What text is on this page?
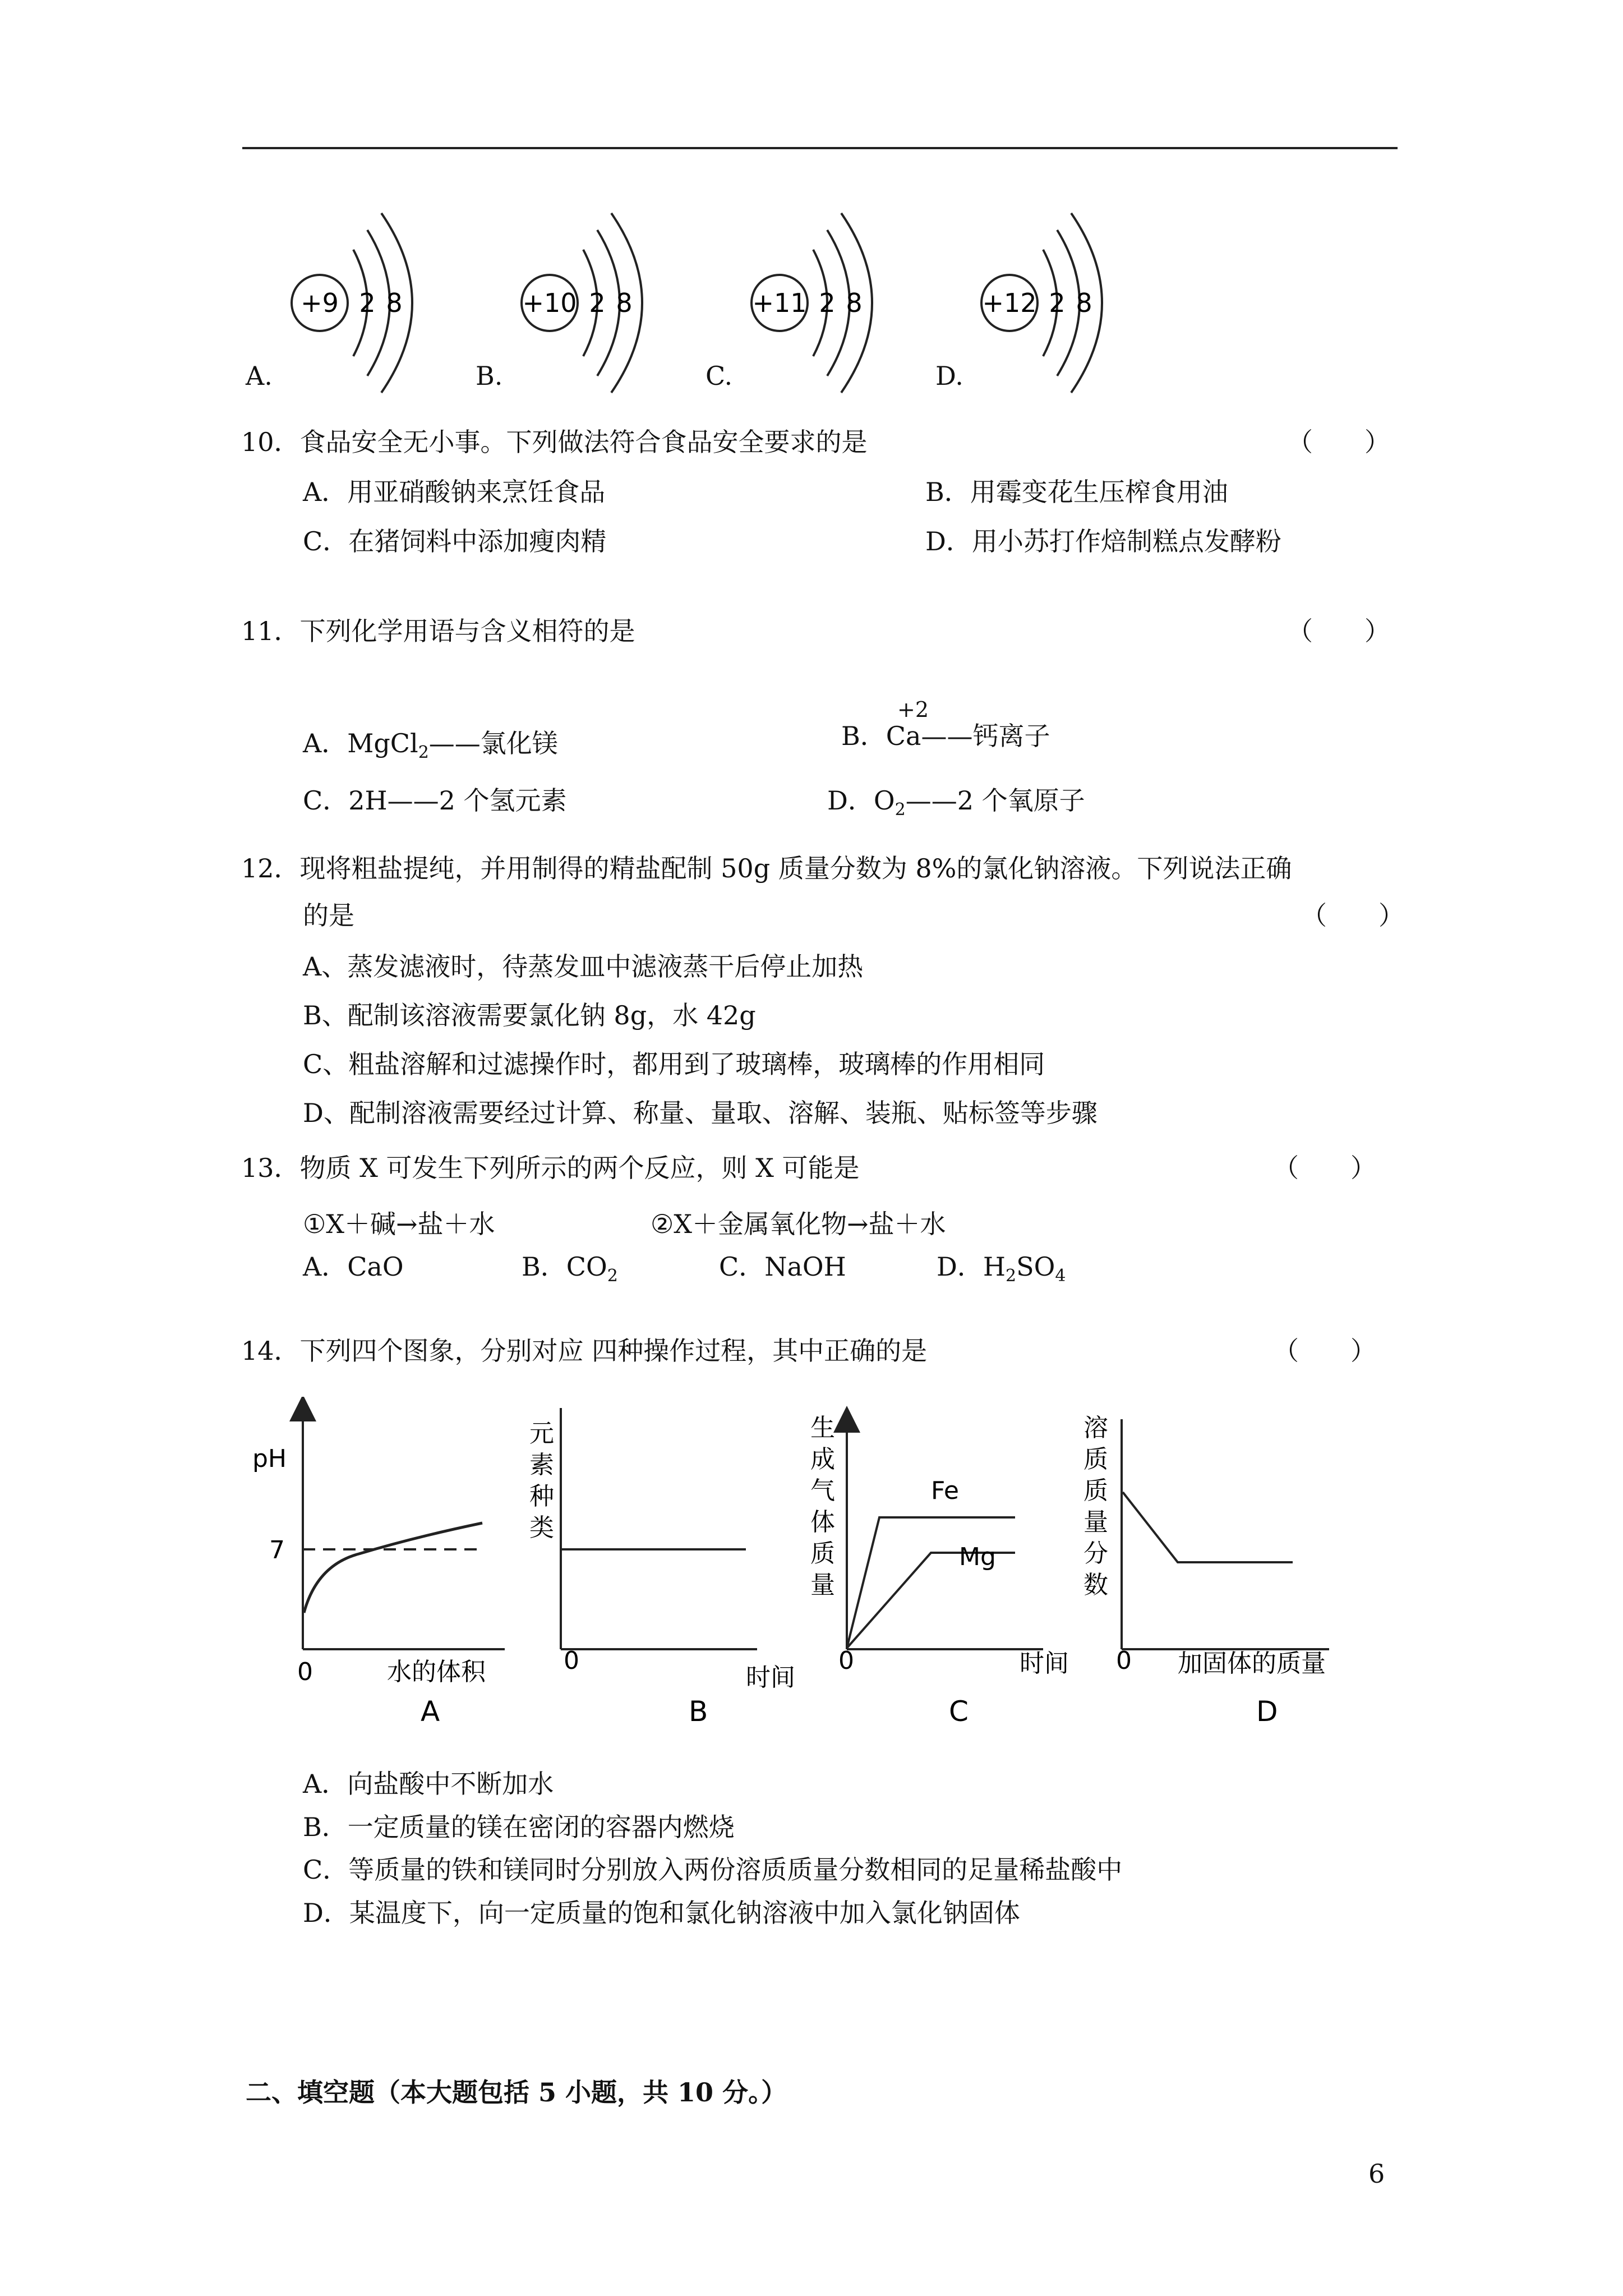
+9 2 8	+10 2 8	+11 2 8	+12 2 8
A.	B.	C.	D.
10．食品安全无小事。下列做法符合食品安全要求的是	（　　）
A．用亚硝酸钠来烹饪食品	B．用霉变花生压榨食用油
C．在猪饲料中添加瘦肉精	D．用小苏打作焙制糕点发酵粉
11．下列化学用语与含义相符的是	（　　）
A．MgCl$_2$——氯化镁
+2
B．Ca——钙离子
C．2H——2 个氢元素	D．$O_2——2$ 个氧原子
12．现将粗盐提纯，并用制得的精盐配制 50g 质量分数为 8%的氯化钠溶液。下列说法正确
的是	（　　）
A、蒸发滤液时，待蒸发皿中滤液蒸干后停止加热
B、配制该溶液需要氯化钠 8g，水 42g
C、粗盐溶解和过滤操作时，都用到了玻璃棒，玻璃棒的作用相同
D、配制溶液需要经过计算、称量、量取、溶解、装瓶、贴标签等步骤
13．物质 X 可发生下列所示的两个反应，则 X 可能是	（　　）
①X＋碱→盐＋水	②X＋金属氧化物→盐＋水
A．CaO	B．$CO_2$	C．NaOH	D．$H_2SO_4$
14．下列四个图象，分别对应 四种操作过程，其中正确的是	（　　）
pH
7
0	水的体积
A
元素种类
0
时间
B
生成气体质量
Fe
Mg
0	时间
C
溶质质量分数
0 加固体的质量
D
A．向盐酸中不断加水
B．一定质量的镁在密闭的容器内燃烧
C．等质量的铁和镁同时分别放入两份溶质质量分数相同的足量稀盐酸中
D．某温度下，向一定质量的饱和氯化钠溶液中加入氯化钠固体
二、填空题（本大题包括 5 小题，共 10 分。）
6
